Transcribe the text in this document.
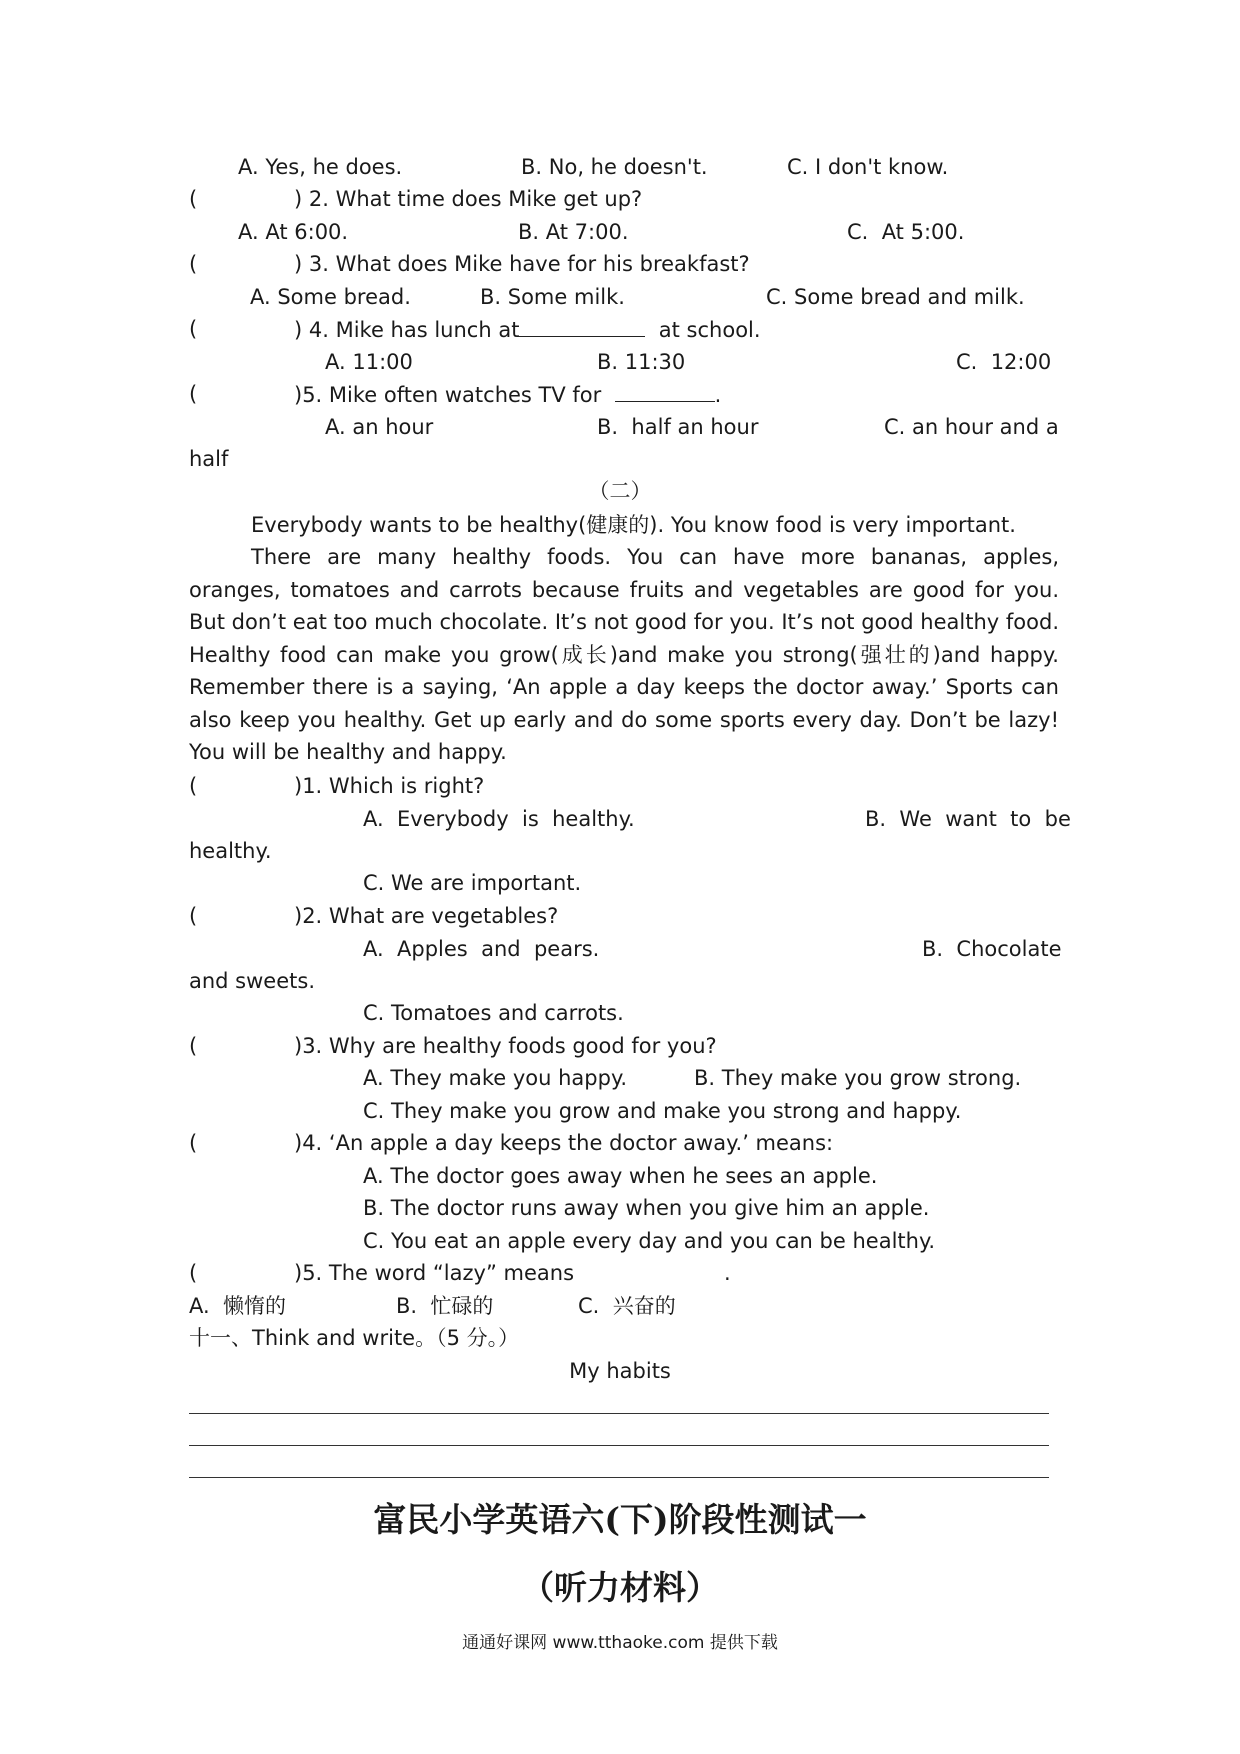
A. Yes, he does.	B. No, he doesn't.	C. I don't know.
(	) 2. What time does Mike get up?
A. At 6:00.	B. At 7:00.	C.  At 5:00.
(	) 3. What does Mike have for his breakfast?
A. Some bread.	B. Some milk.	C. Some bread and milk.
(	) 4. Mike has lunch at	at school.
A. 11:00	B. 11:30	C.  12:00
(	)5. Mike often watches TV for	.
A. an hour	B.  half an hour	C. an hour and a
half
（二）
Everybody wants to be healthy(健康的). You know food is very important.
There are many healthy foods. You can have more bananas, apples, oranges, tomatoes and carrots because fruits and vegetables are good for you. But don’t eat too much chocolate. It’s not good for you. It’s not good healthy food. Healthy food can make you grow(成长)and make you strong(强壮的)and happy. Remember there is a saying, ‘An apple a day keeps the doctor away.’ Sports can also keep you healthy. Get up early and do some sports every day. Don’t be lazy! You will be healthy and happy.
(	)1. Which is right?
A.  Everybody  is  healthy.	B.  We  want  to  be
healthy.
C. We are important.
(	)2. What are vegetables?
A.  Apples  and  pears.	B.  Chocolate
and sweets.
C. Tomatoes and carrots.
(	)3. Why are healthy foods good for you?
A. They make you happy.	B. They make you grow strong.
C. They make you grow and make you strong and happy.
(	)4. ‘An apple a day keeps the doctor away.’ means:
A. The doctor goes away when he sees an apple.
B. The doctor runs away when you give him an apple.
C. You eat an apple every day and you can be healthy.
(	)5. The word “lazy” means	.
A.  懒惰的	B.  忙碌的	C.  兴奋的
十一、Think and write。（5 分。）
My habits
富民小学英语六(下)阶段性测试一
（听力材料）
通通好课网 www.tthaoke.com 提供下载
